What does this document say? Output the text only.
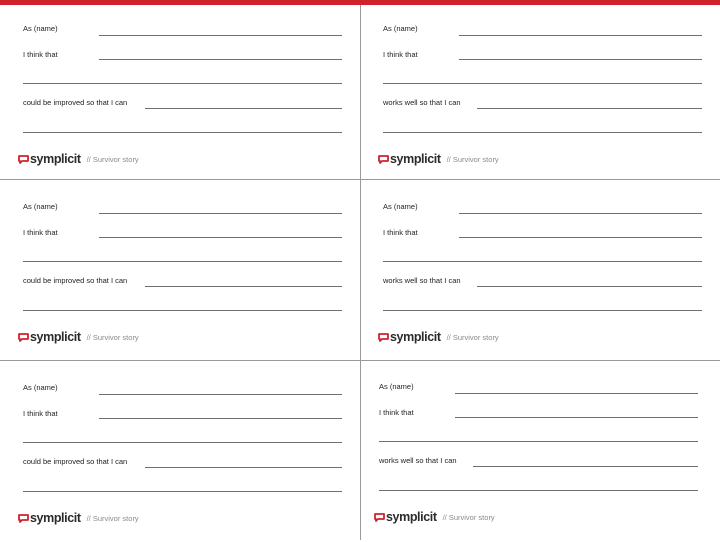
As (name)
I think that
could be improved so that I can
symplicit // Survivor story
As (name)
I think that
works well so that I can
symplicit // Survivor story
As (name)
I think that
could be improved so that I can
symplicit // Survivor story
As (name)
I think that
works well so that I can
symplicit // Survivor story
As (name)
I think that
could be improved so that I can
symplicit // Survivor story
As (name)
I think that
works well so that I can
symplicit // Survivor story
